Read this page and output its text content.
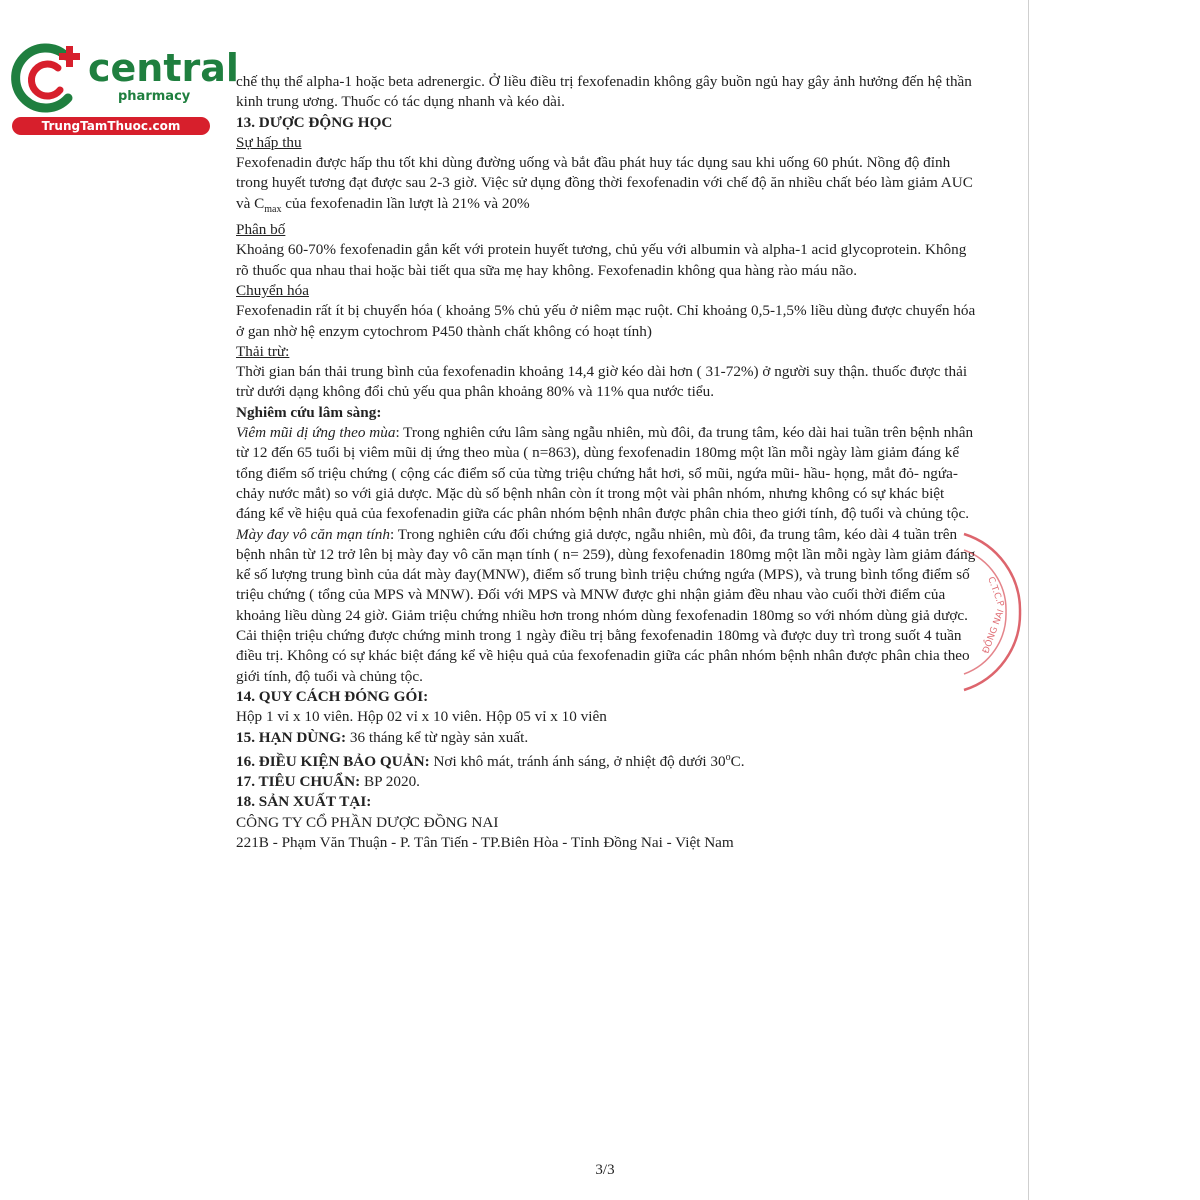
central
pharmacy
TrungTamThuoc.com

chế thụ thể alpha-1 hoặc beta adrenergic. Ở liều điều trị fexofenadin không gây buồn ngủ hay gây ảnh hưởng đến hệ thần kinh trung ương. Thuốc có tác dụng nhanh và kéo dài.

13. DƯỢC ĐỘNG HỌC

Sự hấp thu

Fexofenadin được hấp thu tốt khi dùng đường uống và bắt đầu phát huy tác dụng sau khi uống 60 phút. Nồng độ đỉnh trong huyết tương đạt được sau 2-3 giờ. Việc sử dụng đồng thời fexofenadin với chế độ ăn nhiều chất béo làm giảm AUC và $C_{max}$ của fexofenadin lần lượt là 21% và 20%

Phân bố

Khoảng 60-70% fexofenadin gắn kết với protein huyết tương, chủ yếu với albumin và alpha-1 acid glycoprotein. Không rõ thuốc qua nhau thai hoặc bài tiết qua sữa mẹ hay không. Fexofenadin không qua hàng rào máu não.

Chuyển hóa

Fexofenadin rất ít bị chuyển hóa ( khoảng 5% chủ yếu ở niêm mạc ruột. Chỉ khoảng 0,5-1,5% liều dùng được chuyển hóa ở gan nhờ hệ enzym cytochrom P450 thành chất không có hoạt tính)

Thải trừ:

Thời gian bán thải trung bình của fexofenadin khoảng 14,4 giờ kéo dài hơn ( 31-72%) ở người suy thận. thuốc được thải trừ dưới dạng không đổi chủ yếu qua phân khoảng 80% và 11% qua nước tiểu.

Nghiêm cứu lâm sàng:

Viêm mũi dị ứng theo mùa: Trong nghiên cứu lâm sàng ngẫu nhiên, mù đôi, đa trung tâm, kéo dài hai tuần trên bệnh nhân từ 12 đến 65 tuổi bị viêm mũi dị ứng theo mùa ( n=863), dùng fexofenadin 180mg một lần mỗi ngày làm giảm đáng kể tổng điểm số triệu chứng ( cộng các điểm số của từng triệu chứng hắt hơi, sổ mũi, ngứa mũi- hầu- họng, mắt đỏ- ngứa- chảy nước mắt) so với giả dược. Mặc dù số bệnh nhân còn ít trong một vài phân nhóm, nhưng không có sự khác biệt đáng kể về hiệu quả của fexofenadin giữa các phân nhóm bệnh nhân được phân chia theo giới tính, độ tuổi và chủng tộc.

Mày đay vô căn mạn tính: Trong nghiên cứu đối chứng giả dược, ngẫu nhiên, mù đôi, đa trung tâm, kéo dài 4 tuần trên bệnh nhân từ 12 trở lên bị mày đay vô căn mạn tính ( n= 259), dùng fexofenadin 180mg một lần mỗi ngày làm giảm đáng kể số lượng trung bình của dát mày đay(MNW), điểm số trung bình triệu chứng ngứa (MPS), và trung bình tổng điểm số triệu chứng ( tổng của MPS và MNW). Đối với MPS và MNW được ghi nhận giảm đều nhau vào cuối thời điểm của khoảng liều dùng 24 giờ. Giảm triệu chứng nhiều hơn trong nhóm dùng fexofenadin 180mg so với nhóm dùng giả dược. Cải thiện triệu chứng được chứng minh trong 1 ngày điều trị bằng fexofenadin 180mg và được duy trì trong suốt 4 tuần điều trị. Không có sự khác biệt đáng kể về hiệu quả của fexofenadin giữa các phân nhóm bệnh nhân được phân chia theo giới tính, độ tuổi và chủng tộc.

14. QUY CÁCH ĐÓNG GÓI:

Hộp 1 vỉ x 10 viên. Hộp 02 vỉ x 10 viên. Hộp 05 vỉ x 10 viên

15. HẠN DÙNG: 36 tháng kể từ ngày sản xuất.

16. ĐIỀU KIỆN BẢO QUẢN: Nơi khô mát, tránh ánh sáng, ở nhiệt độ dưới 30$^o$C.

17. TIÊU CHUẨN: BP 2020.

18. SẢN XUẤT TẠI:

CÔNG TY CỔ PHẦN DƯỢC ĐỒNG NAI

221B - Phạm Văn Thuận - P. Tân Tiến - TP.Biên Hòa - Tỉnh Đồng Nai - Việt Nam

C.T.C.P
ĐỒNG NAI
3/3
